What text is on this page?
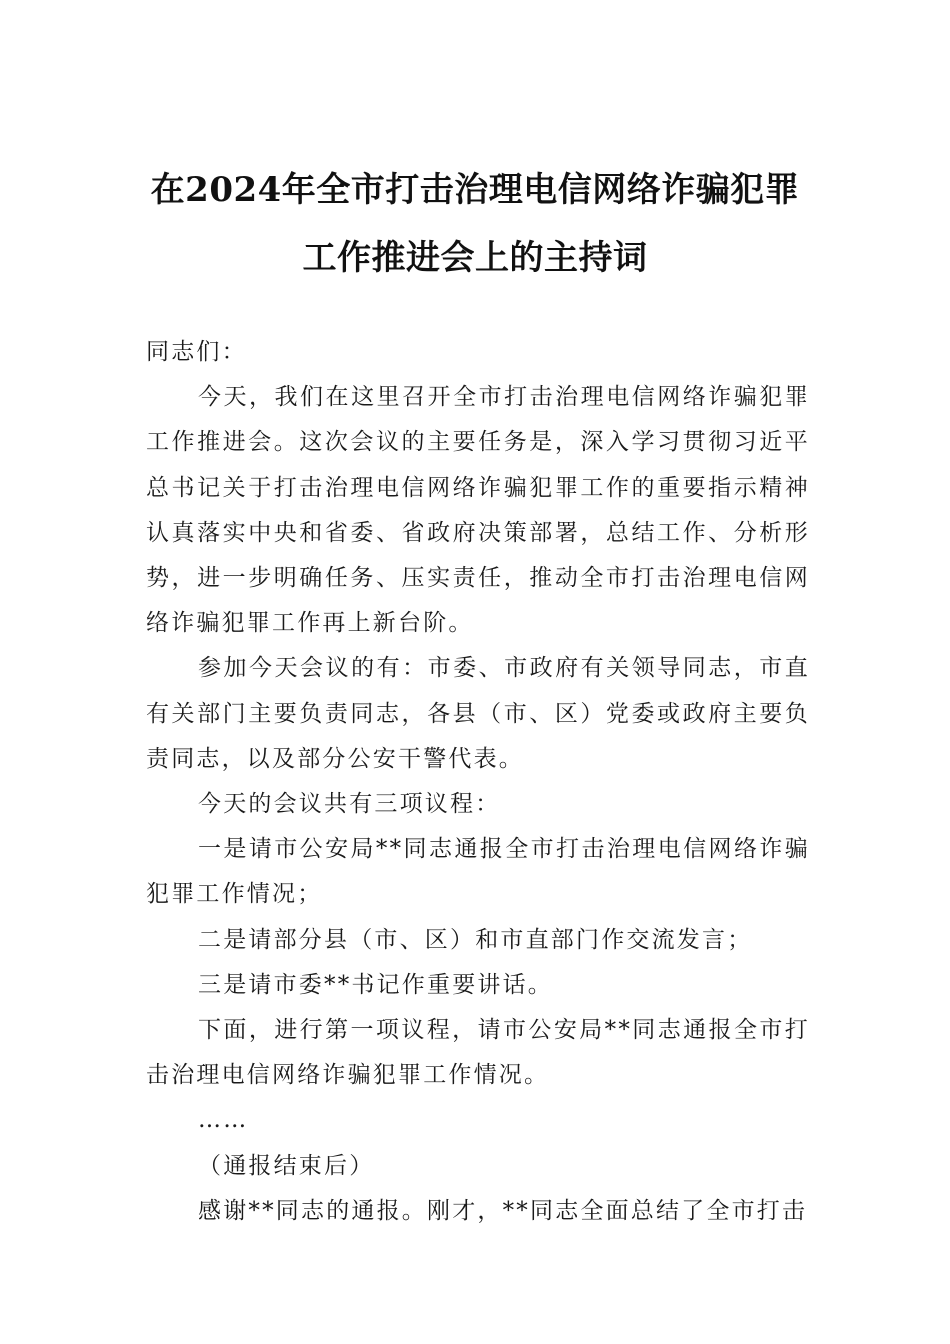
在2024年全市打击治理电信网络诈骗犯罪
工作推进会上的主持词

同志们：

今天，我们在这里召开全市打击治理电信网络诈骗犯罪工作推进会。这次会议的主要任务是，深入学习贯彻习近平总书记关于打击治理电信网络诈骗犯罪工作的重要指示精神认真落实中央和省委、省政府决策部署，总结工作、分析形势，进一步明确任务、压实责任，推动全市打击治理电信网络诈骗犯罪工作再上新台阶。

参加今天会议的有：市委、市政府有关领导同志，市直有关部门主要负责同志，各县（市、区）党委或政府主要负责同志，以及部分公安干警代表。

今天的会议共有三项议程：

一是请市公安局**同志通报全市打击治理电信网络诈骗犯罪工作情况；

二是请部分县（市、区）和市直部门作交流发言；

三是请市委**书记作重要讲话。

下面，进行第一项议程，请市公安局**同志通报全市打击治理电信网络诈骗犯罪工作情况。

……

（通报结束后）

感谢**同志的通报。刚才，**同志全面总结了全市打击
